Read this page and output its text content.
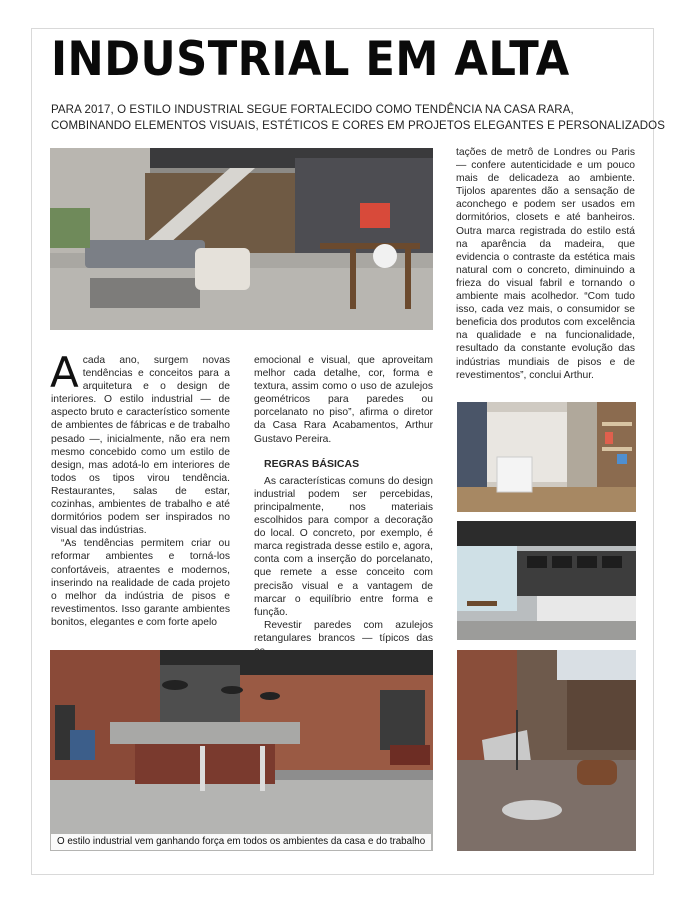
INDUSTRIAL EM ALTA
PARA 2017, O ESTILO INDUSTRIAL SEGUE FORTALECIDO COMO TENDÊNCIA NA CASA RARA,
COMBINANDO ELEMENTOS VISUAIS, ESTÉTICOS E CORES EM PROJETOS ELEGANTES E PERSONALIZADOS
A cada ano, surgem novas tendências e conceitos para a arquitetura e o design de interiores. O estilo industrial — de aspecto bruto e característico somente de ambientes de fábricas e de trabalho pesado —, inicialmente, não era nem mesmo concebido como um estilo de design, mas adotá-lo em interiores de todos os tipos virou tendência. Restaurantes, salas de estar, cozinhas, ambientes de trabalho e até dormitórios podem ser inspirados no visual das indústrias.

“As tendências permitem criar ou reformar ambientes e torná-los confortáveis, atraentes e modernos, inserindo na realidade de cada projeto o melhor da indústria de pisos e revestimentos. Isso garante ambientes bonitos, elegantes e com forte apelo

emocional e visual, que aproveitam melhor cada detalhe, cor, forma e textura, assim como o uso de azulejos geométricos para paredes ou porcelanato no piso”, afirma o diretor da Casa Rara Acabamentos, Arthur Gustavo Pereira.

REGRAS BÁSICAS

As características comuns do design industrial podem ser percebidas, principalmente, nos materiais escolhidos para compor a decoração do local. O concreto, por exemplo, é marca registrada desse estilo e, agora, conta com a inserção do porcelanato, que remete a esse conceito com precisão visual e a vantagem de marcar o equilíbrio entre forma e função.

Revestir paredes com azulejos retangulares brancos — típicos das

tações de metrô de Londres ou Paris — confere autenticidade e um pouco mais de delicadeza ao ambiente. Tijolos aparentes dão a sensação de aconchego e podem ser usados em dormitórios, closets e até banheiros. Outra marca registrada do estilo está na aparência da madeira, que evidencia o contraste da estética mais natural com o concreto, diminuindo a frieza do visual fabril e tornando o ambiente mais acolhedor. “Com tudo isso, cada vez mais, o consumidor se beneficia dos produtos com excelência na qualidade e na funcionalidade, resultado da constante evolução das indústrias mundiais de pisos e de revestimentos”, conclui Arthur.

O estilo industrial vem ganhando força em todos os ambientes da casa e do trabalho
